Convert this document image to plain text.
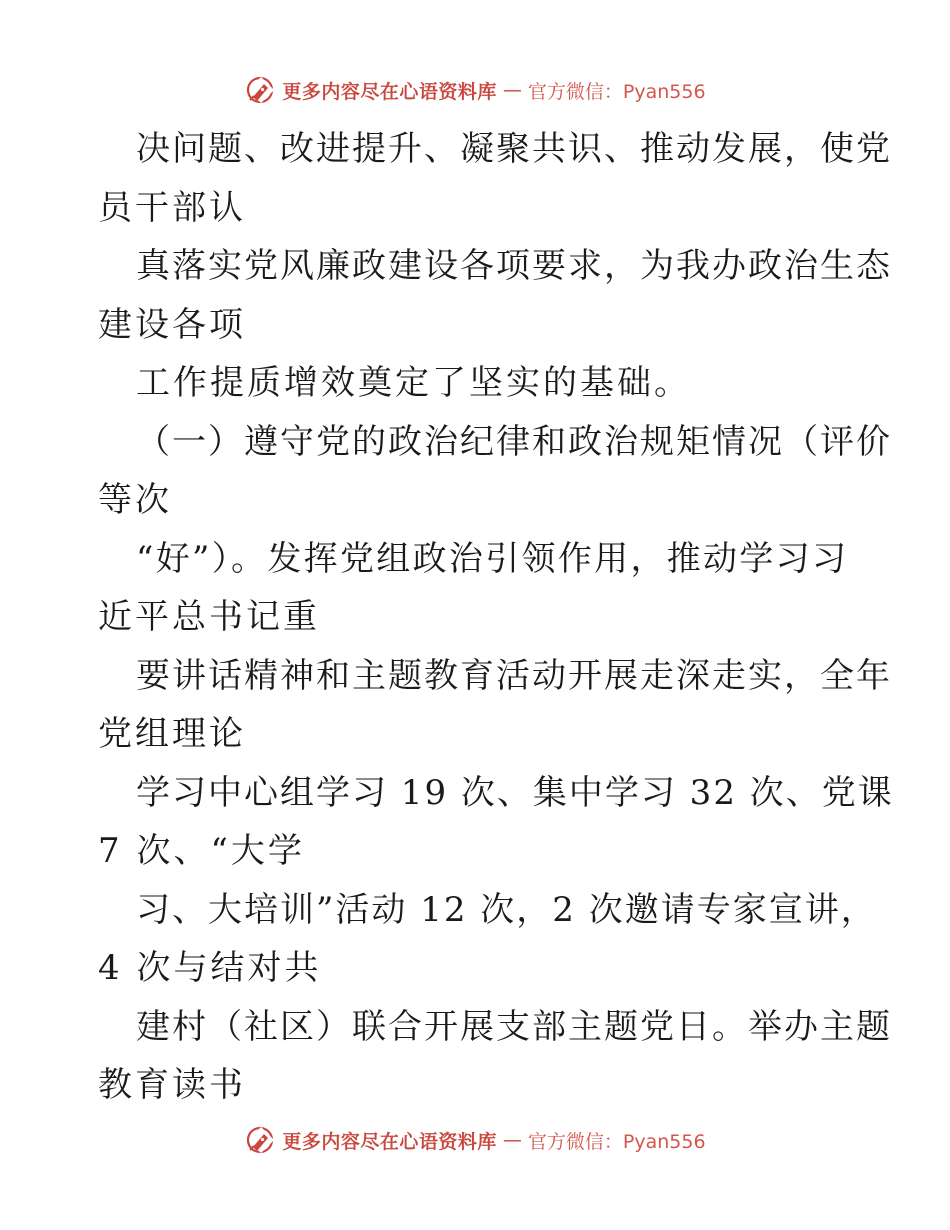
更多内容尽在心语资料库 — 官方微信：Pyan556
决问题、改进提升、凝聚共识、推动发展，使党
员干部认
真落实党风廉政建设各项要求，为我办政治生态
建设各项
工作提质增效奠定了坚实的基础。
（一）遵守党的政治纪律和政治规矩情况（评价
等次
“好”）。发挥党组政治引领作用，推动学习习
近平总书记重
要讲话精神和主题教育活动开展走深走实，全年
党组理论
学习中心组学习 19 次、集中学习 32 次、党课
7 次、“大学
习、大培训”活动 12 次，2 次邀请专家宣讲，
4 次与结对共
建村（社区）联合开展支部主题党日。举办主题
教育读书
更多内容尽在心语资料库 — 官方微信：Pyan556
